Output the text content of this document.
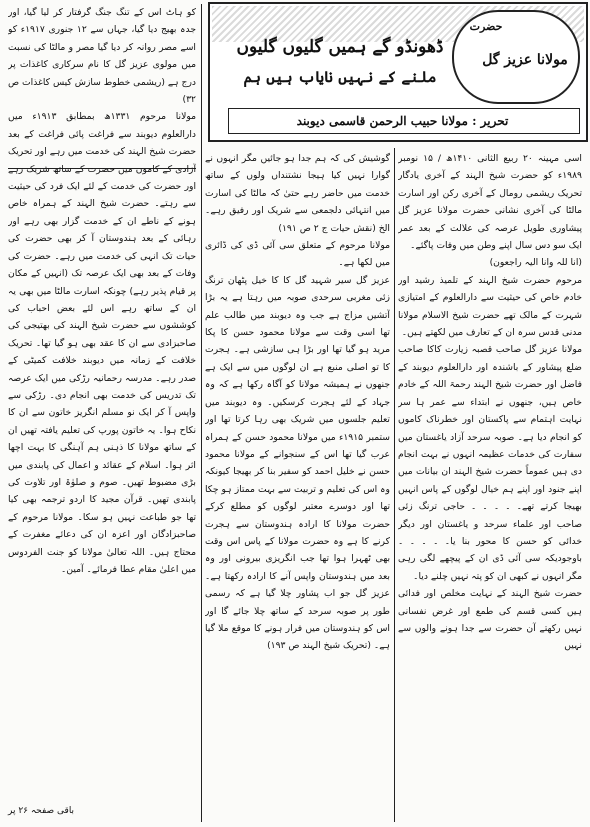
حضرت
مولانا عزیز گل
ڈھونڈو گے ہمیں گلیوں گلیوں
ملنے کے نہیں نایاب ہیں ہم
تحریر : مولانا حبیب الرحمن قاسمی دیوبند

اسی مہینہ ۲۰ ربیع الثانی ۱۴۱۰ھ / ۱۵ نومبر ۱۹۸۹ء کو حضرت شیخ الہند کے آخری یادگار تحریک ریشمی رومال کے آخری رکن اور اسارت مالٹا کی آخری نشانی حضرت مولانا عزیز گل پیشاوری طویل عرصہ کی علالت کے بعد عمر ایک سو دس سال اپنے وطن میں وفات پاگئے۔

(انا للہ وانا الیہ راجعون)

مرحوم حضرت شیخ الہند کے تلمیذ رشید اور خادم خاص کی حیثیت سے دارالعلوم کے امتیازی شہرت کے مالک تھے حضرت شیخ الاسلام مولانا مدنی قدس سرہ ان کے تعارف میں لکھتے ہیں۔

مولانا عزیز گل صاحب قصبہ زیارت کاکا صاحب ضلع پیشاور کے باشندہ اور دارالعلوم دیوبند کے فاضل اور حضرت شیخ الہند رحمۃ اللہ کے خادم خاص ہیں، جنھوں نے ابتداء سے عمر ہا سر نہایت اہتمام سے پاکستان اور خطرناک کاموں کو انجام دیا ہے۔ صوبہ سرحد آزاد یاغستان میں سفارت کی خدمات عظیمہ انہوں نے بہت انجام دی ہیں عموماً حضرت شیخ الہند ان بیانات میں اپنے جنود اور اپنے ہم خیال لوگوں کے پاس انہیں بھیجا کرتے تھے۔ ۔ ۔ ۔ ۔ حاجی ترنگ زئی صاحب اور علماء سرحد و یاغستان اور دیگر خدائی کو حسن کا محور بنا یا۔ ۔ ۔ ۔ ۔ باوجودیکہ سی آئی ڈی ان کے پیچھے لگی رہی مگر انہوں نے کبھی ان کو پتہ نہیں چلنے دیا۔

حضرت شیخ الہند کے نہایت مخلص اور فدائی ہیں کسی قسم کی طمع اور غرض نفسانی نہیں رکھتے آن حضرت سے جدا ہونے والوں سے نہیں

گوشیش کی کہ ہم جدا ہو جائیں مگر انہوں نے گوارا نہیں کیا ہیجا نشتنداں ولوں کے ساتھ خدمت میں حاضر رہے حتیٰ کہ مالٹا کی اسارت میں انتہائی دلجمعی سے شریک اور رفیق رہے۔ الخ (نقش حیات ج ۲ ص ۱۹۱)

مولانا مرحوم کے متعلق سی آئی ڈی کی ڈائری میں لکھا ہے۔

عزیز گل سیر شہید گل کا کا خیل پٹھان ترنگ زئی مغربی سرحدی صوبہ میں رہتا ہے یہ بڑا آتشیں مزاج ہے جب وہ دیوبند میں طالب علم تھا اسی وقت سے مولانا محمود حسن کا پکا مرید ہو گیا تھا اور بڑا ہی سازشی ہے۔ ہجرت کا تو اصلی منبع ہے ان لوگوں میں سے ایک ہے جنھوں نے ہمیشہ مولانا کو آگاہ رکھا ہے کہ وہ جہاد کے لئے ہجرت کرسکیں۔ وہ دیوبند میں تعلیم جلسوں میں شریک بھی رہا کرتا تھا اور ستمبر ۱۹۱۵ء میں مولانا محمود حسن کے ہمراہ عرب گیا تھا اس کے سنجوانے کے مولانا محمود حسن نے خلیل احمد کو سفیر بنا کر بھیجا کیونکہ وہ اس کی تعلیم و تربیت سے بہت ممتاز ہو چکا تھا اور دوسرے معتبر لوگوں کو مطلع کرکے حضرت مولانا کا ارادہ ہندوستان سے ہجرت کرنے کا ہے وہ حضرت مولانا کے پاس اس وقت بھی ٹھہرا ہوا تھا جب انگریزی بیرونی اور وہ بعد میں ہندوستان واپس آنے کا ارادہ رکھتا ہے۔ عزیز گل جو اب پشاور چلا گیا ہے کہ رسمی طور پر صوبہ سرحد کے ساتھ چلا جائے گا اور اس کو ہندوستان میں فرار ہونے کا موقع ملا گیا ہے۔ (تحریک شیخ الہند ص ۱۹۳)

کو ہاٹ اس کے تنگ جنگ گرفتار کر لیا گیا، اور جدہ بھیج دیا گیا، جہاں سے ۱۲ جنوری ۱۹۱۷ء کو اسے مصر روانہ کر دیا گیا مصر و مالٹا کی نسبت میں مولوی عزیز گل کا نام سرکاری کاغذات پر درج ہے (ریشمی خطوط سازش کیس کاغذات ص ۳۲)

مولانا مرحوم ۱۳۳۱ھ بمطابق ۱۹۱۳ء میں دارالعلوم دیوبند سے فراغت پائی فراغت کے بعد حضرت شیخ الہند کی خدمت میں رہے اور تحریک آزادی کے کاموں میں حضرت کے ساتھ شریک رہے اور حضرت کی خدمت کے لئے ایک فرد کی حیثیت سے رہتے۔ حضرت شیخ الہند کے ہمراہ خاص ہونے کے ناطے ان کے خدمت گزار بھی رہے اور رہائی کے بعد ہندوستان آ کر بھی حضرت کی حیات تک انہی کی خدمت میں رہے۔ حضرت کی وفات کے بعد بھی ایک عرصہ تک (انہیں کے مکان پر قیام پذیر رہے) چونکہ اسارت مالٹا میں بھی یہ ان کے ساتھ رہے اس لئے بعض احباب کی کوششوں سے حضرت شیخ الہند کی بھتیجی کی صاحبزادی سے ان کا عقد بھی ہو گیا تھا۔ تحریک خلافت کے زمانہ میں دیوبند خلافت کمیٹی کے صدر رہے۔ مدرسہ رحمانیہ رڑکی میں ایک عرصہ تک تدریس کی خدمت بھی انجام دی۔ رڑکی سے واپس آ کر ایک نو مسلم انگریز خاتون سے ان کا نکاح ہوا۔ یہ خاتون پورپ کی تعلیم یافتہ تھیں ان کے ساتھ مولانا کا ذہنی ہم آہنگی کا بہت اچھا اثر ہوا۔ اسلام کے عقائد و اعمال کی پابندی میں بڑی مضبوط تھیں۔ صوم و صلوٰۃ اور تلاوت کی پابندی تھیں۔ قرآن مجید کا اردو ترجمہ بھی کیا تھا جو طباعت نہیں ہو سکا۔ مولانا مرحوم کے صاحبزادگان اور اعزہ ان کی دعائے مغفرت کے محتاج ہیں۔ اللہ تعالیٰ مولانا کو جنت الفردوس میں اعلیٰ مقام عطا فرمائے۔ آمین۔

باقی صفحہ ۲۶ پر
